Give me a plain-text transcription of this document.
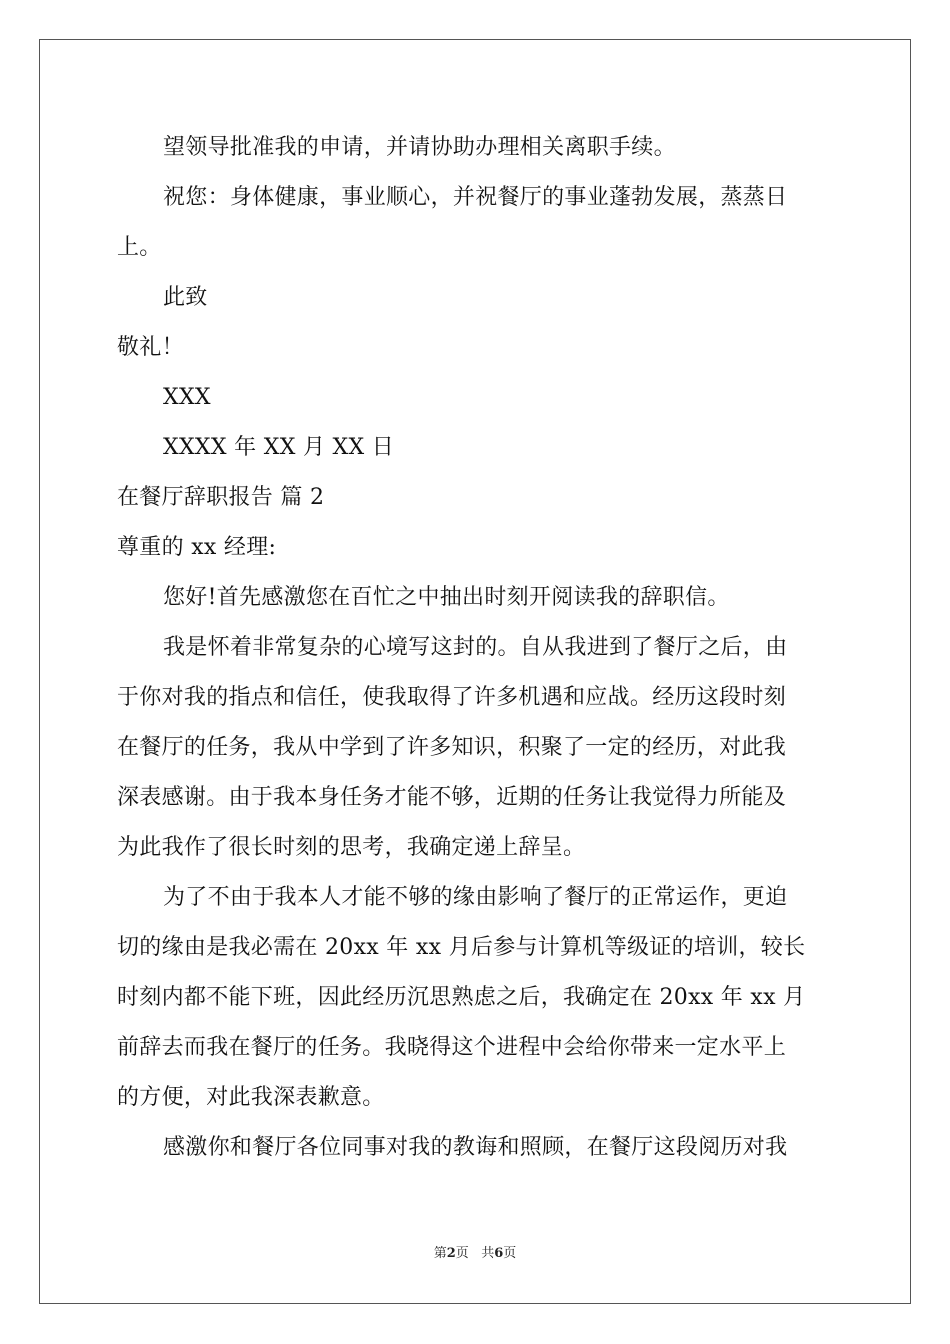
望领导批准我的申请，并请协助办理相关离职手续。
祝您：身体健康，事业顺心，并祝餐厅的事业蓬勃发展，蒸蒸日
上。
此致
敬礼！
XXX
XXXX 年 XX 月 XX 日
在餐厅辞职报告 篇 2
尊重的 xx 经理:
您好!首先感激您在百忙之中抽出时刻开阅读我的辞职信。
我是怀着非常复杂的心境写这封的。自从我进到了餐厅之后，由
于你对我的指点和信任，使我取得了许多机遇和应战。经历这段时刻
在餐厅的任务，我从中学到了许多知识，积聚了一定的经历，对此我
深表感谢。由于我本身任务才能不够，近期的任务让我觉得力所能及
为此我作了很长时刻的思考，我确定递上辞呈。
为了不由于我本人才能不够的缘由影响了餐厅的正常运作，更迫
切的缘由是我必需在 20xx 年 xx 月后参与计算机等级证的培训，较长
时刻内都不能下班，因此经历沉思熟虑之后，我确定在 20xx 年 xx 月
前辞去而我在餐厅的任务。我晓得这个进程中会给你带来一定水平上
的方便，对此我深表歉意。
感激你和餐厅各位同事对我的教诲和照顾，在餐厅这段阅历对我
第2页 共6页
